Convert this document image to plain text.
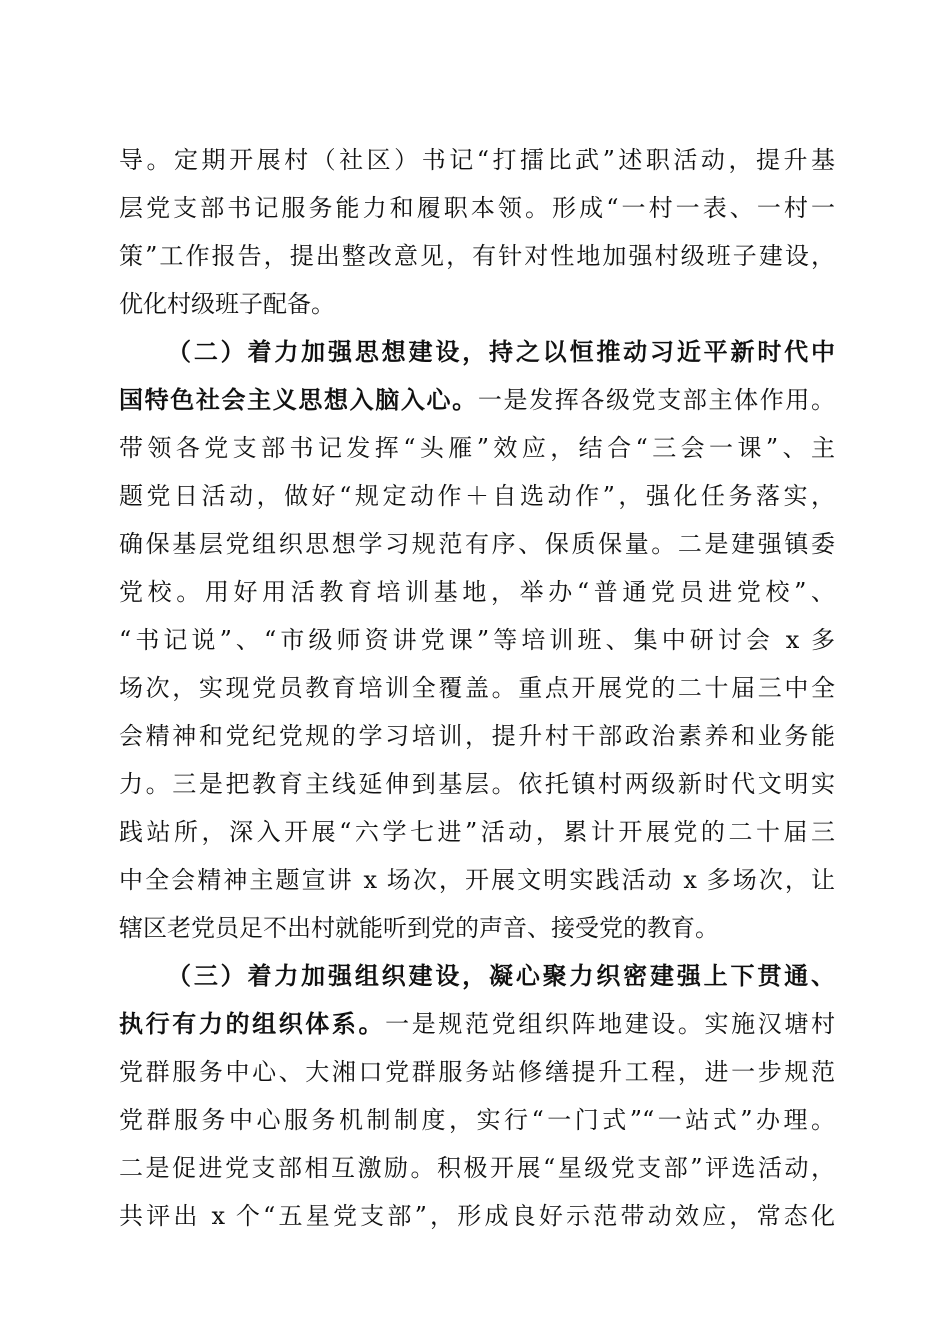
导。定期开展村（社区）书记“打擂比武”述职活动，提升基
层党支部书记服务能力和履职本领。形成“一村一表、一村一
策”工作报告，提出整改意见，有针对性地加强村级班子建设，
优化村级班子配备。
（二）着力加强思想建设，持之以恒推动习近平新时代中
国特色社会主义思想入脑入心。一是发挥各级党支部主体作用。
带领各党支部书记发挥“头雁”效应，结合“三会一课”、主
题党日活动，做好“规定动作＋自选动作”，强化任务落实，
确保基层党组织思想学习规范有序、保质保量。二是建强镇委
党校。用好用活教育培训基地，举办“普通党员进党校”、
“书记说”、“市级师资讲党课”等培训班、集中研讨会 x 多
场次，实现党员教育培训全覆盖。重点开展党的二十届三中全
会精神和党纪党规的学习培训，提升村干部政治素养和业务能
力。三是把教育主线延伸到基层。依托镇村两级新时代文明实
践站所，深入开展“六学七进”活动，累计开展党的二十届三
中全会精神主题宣讲 x 场次，开展文明实践活动 x 多场次，让
辖区老党员足不出村就能听到党的声音、接受党的教育。
（三）着力加强组织建设，凝心聚力织密建强上下贯通、
执行有力的组织体系。一是规范党组织阵地建设。实施汉塘村
党群服务中心、大湘口党群服务站修缮提升工程，进一步规范
党群服务中心服务机制制度，实行“一门式”“一站式”办理。
二是促进党支部相互激励。积极开展“星级党支部”评选活动，
共评出 x 个“五星党支部”，形成良好示范带动效应，常态化
